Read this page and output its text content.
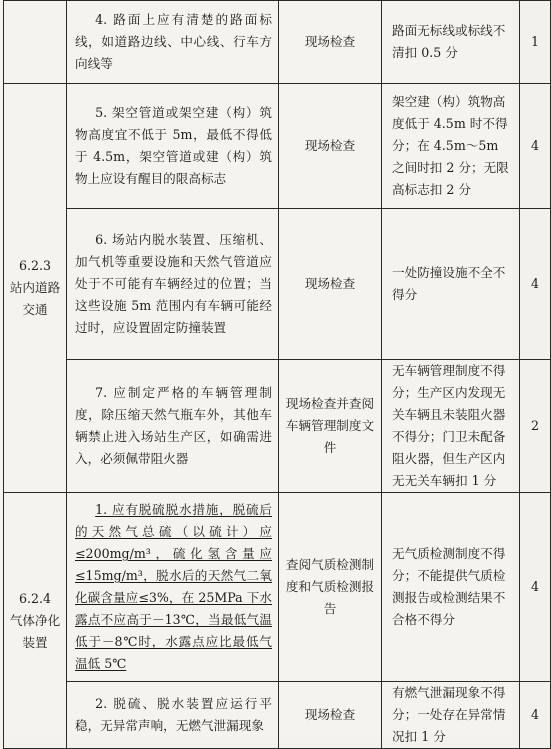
	4. 路面上应有清楚的路面标线，如道路边线、中心线、行车方向线等	现场检查	路面无标线或标线不清扣 0.5 分	1

6.2.3
站内道路交通	5. 架空管道或架空建（构）筑物高度宜不低于 5m，最低不得低于 4.5m，架空管道或建（构）筑物上应设有醒目的限高标志	现场检查	架空建（构）筑物高度低于 4.5m 时不得分；在 4.5m～5m 之间时扣 2 分；无限高标志扣 2 分	4

	6. 场站内脱水装置、压缩机、加气机等重要设施和天然气管道应处于不可能有车辆经过的位置；当这些设施 5m 范围内有车辆可能经过时，应设置固定防撞装置	现场检查	一处防撞设施不全不得分	4

	7. 应制定严格的车辆管理制度，除压缩天然气瓶车外，其他车辆禁止进入场站生产区，如确需进入，必须佩带阻火器	现场检查并查阅车辆管理制度文件	无车辆管理制度不得分；生产区内发现无关车辆且未装阻火器不得分；门卫未配备阻火器，但生产区内无无关车辆扣 1 分	2

6.2.4
气体净化装置	1. 应有脱硫脱水措施，脱硫后的天然气总硫（以硫计）应≤200mg/m³，硫化氢含量应≤15mg/m³，脱水后的天然气二氧化碳含量应≤3%，在 25MPa 下水露点不应高于－13℃，当最低气温低于－8℃时，水露点应比最低气温低 5℃	查阅气质检测制度和气质检测报告	无气质检测制度不得分；不能提供气质检测报告或检测结果不合格不得分	4

	2. 脱硫、脱水装置应运行平稳，无异常声响，无燃气泄漏现象	现场检查	有燃气泄漏现象不得分；一处存在异常情况扣 1 分	4
